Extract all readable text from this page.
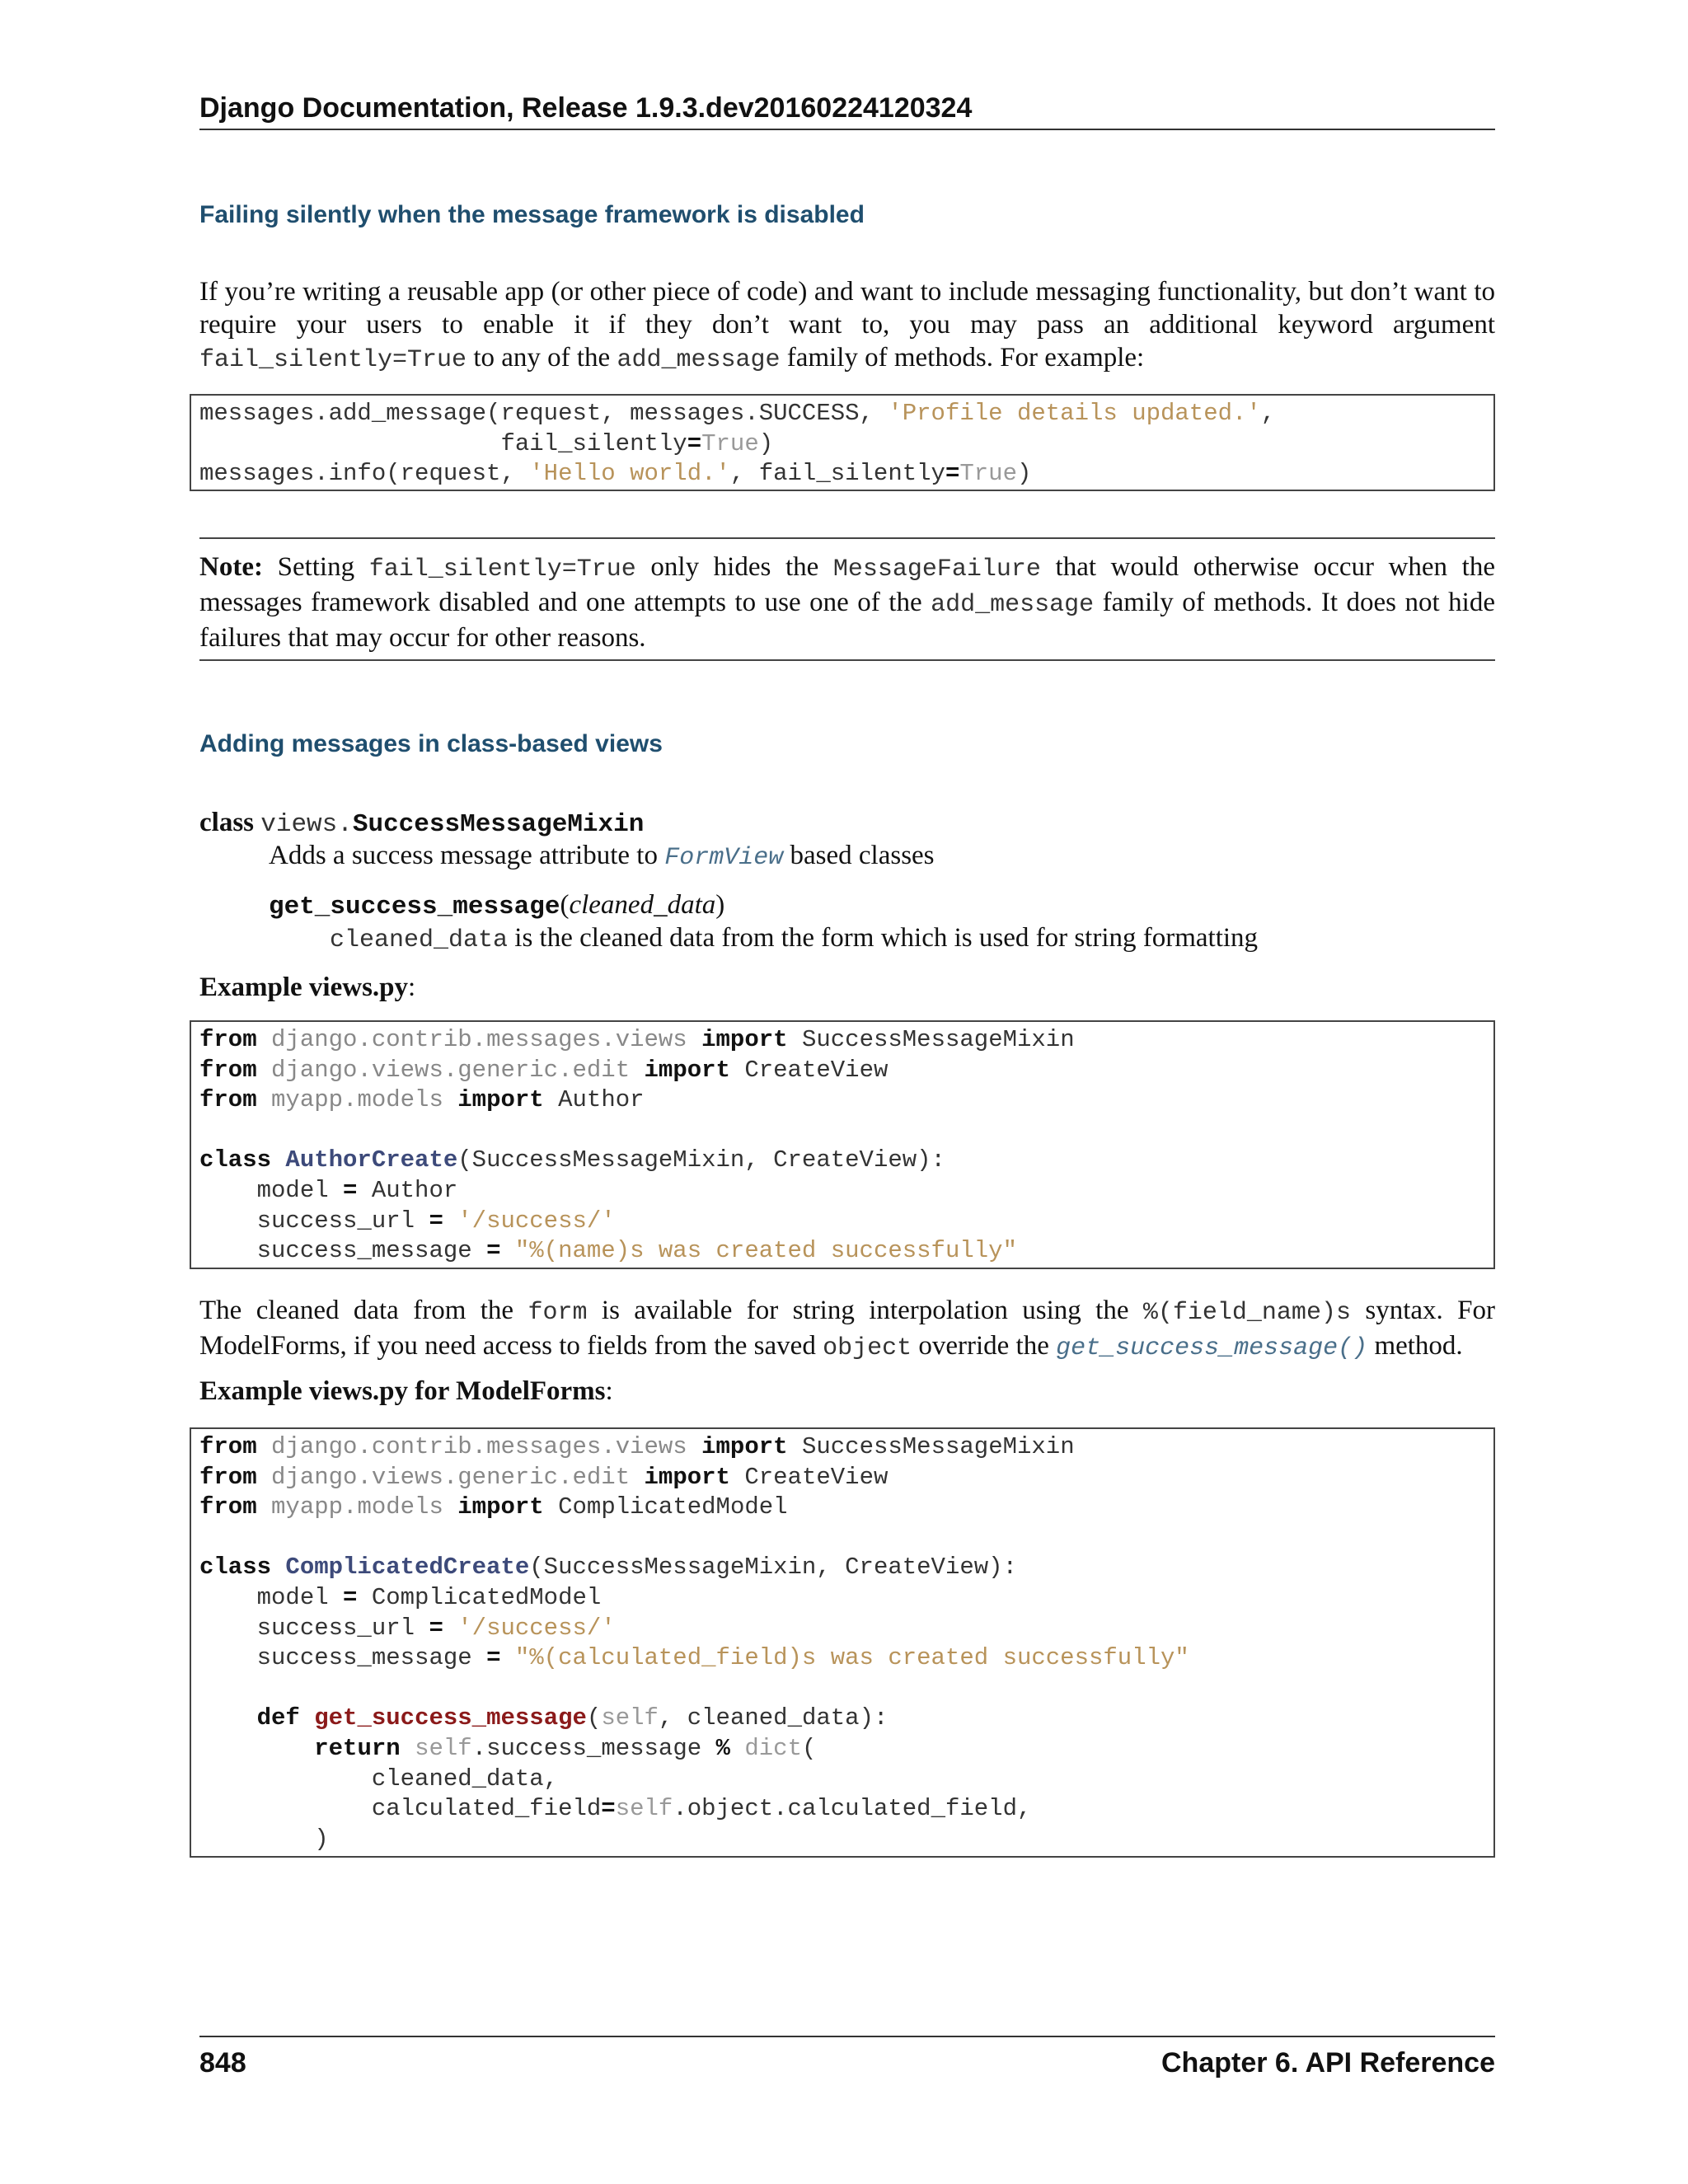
Django Documentation, Release 1.9.3.dev20160224120324
Failing silently when the message framework is disabled
If you’re writing a reusable app (or other piece of code) and want to include messaging functionality, but don’t want to require your users to enable it if they don’t want to, you may pass an additional keyword argument fail_silently=True to any of the add_message family of methods. For example:
messages.add_message(request, messages.SUCCESS, 'Profile details updated.',
fail_silently=True)
messages.info(request, 'Hello world.', fail_silently=True)
Note: Setting fail_silently=True only hides the MessageFailure that would otherwise occur when the messages framework disabled and one attempts to use one of the add_message family of methods. It does not hide failures that may occur for other reasons.
Adding messages in class-based views
class views.SuccessMessageMixin
Adds a success message attribute to FormView based classes
get_success_message(cleaned_data)
cleaned_data is the cleaned data from the form which is used for string formatting
Example views.py:
from django.contrib.messages.views import SuccessMessageMixin
from django.views.generic.edit import CreateView
from myapp.models import Author

class AuthorCreate(SuccessMessageMixin, CreateView):
model = Author
success_url = '/success/'
success_message = "%(name)s was created successfully"
The cleaned data from the form is available for string interpolation using the %(field_name)s syntax. For ModelForms, if you need access to fields from the saved object override the get_success_message() method.
Example views.py for ModelForms:
from django.contrib.messages.views import SuccessMessageMixin
from django.views.generic.edit import CreateView
from myapp.models import ComplicatedModel

class ComplicatedCreate(SuccessMessageMixin, CreateView):
model = ComplicatedModel
success_url = '/success/'
success_message = "%(calculated_field)s was created successfully"

def get_success_message(self, cleaned_data):
return self.success_message % dict(
cleaned_data,
calculated_field=self.object.calculated_field,
)
848	Chapter 6. API Reference
